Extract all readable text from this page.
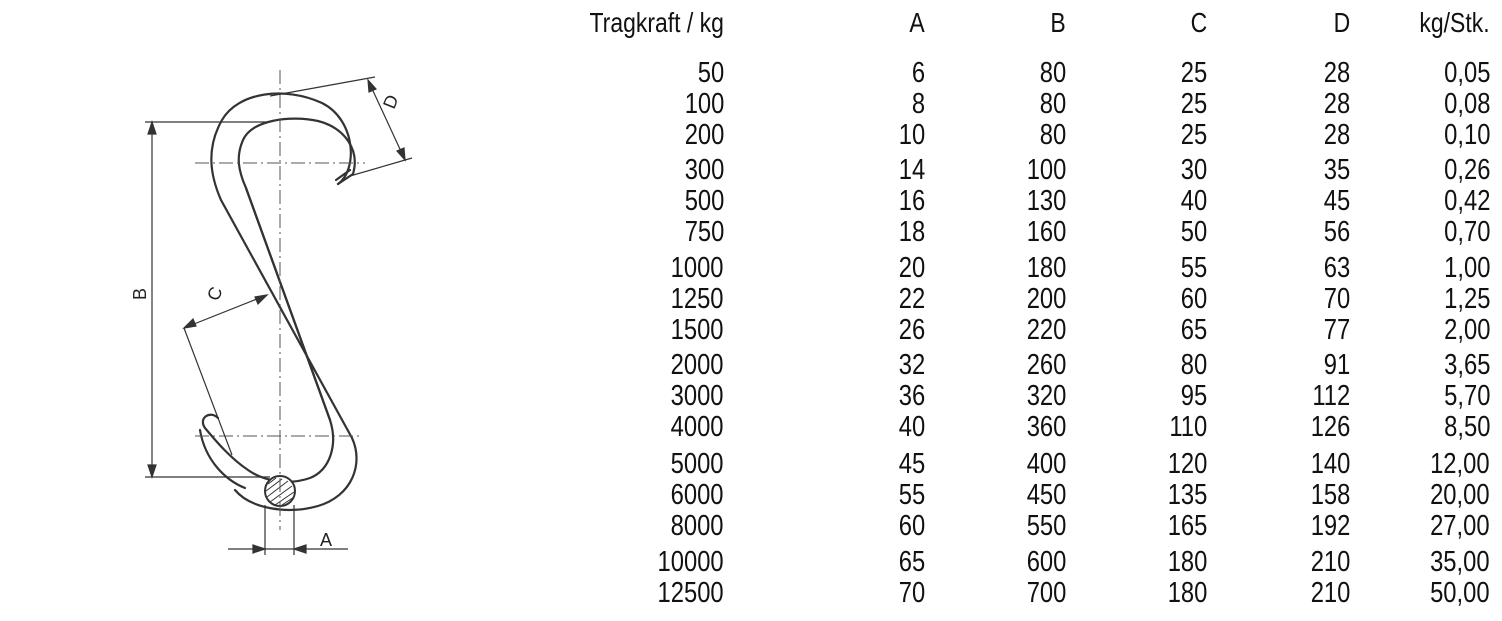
B	C
D
A
Tragkraft / kg	A	B	C	D kg/Stk.
50	6	80	25	28	0,05
100	8	80	25	28	0,08
200	10	80	25	28	0,10
300	14	100	30	35	0,26
500	16	130	40	45	0,42
750	18	160	50	56	0,70
1000	20	180	55	63	1,00
1250	22	200	60	70	1,25
1500	26	220	65	77	2,00
2000	32	260	80	91	3,65
3000	36	320	95	112	5,70
4000	40	360	110	126	8,50
5000	45	400	120	140	12,00
6000	55	450	135	158	20,00
8000	60	550	165	192	27,00
10000	65	600	180	210	35,00
12500	70	700	180	210	50,00
